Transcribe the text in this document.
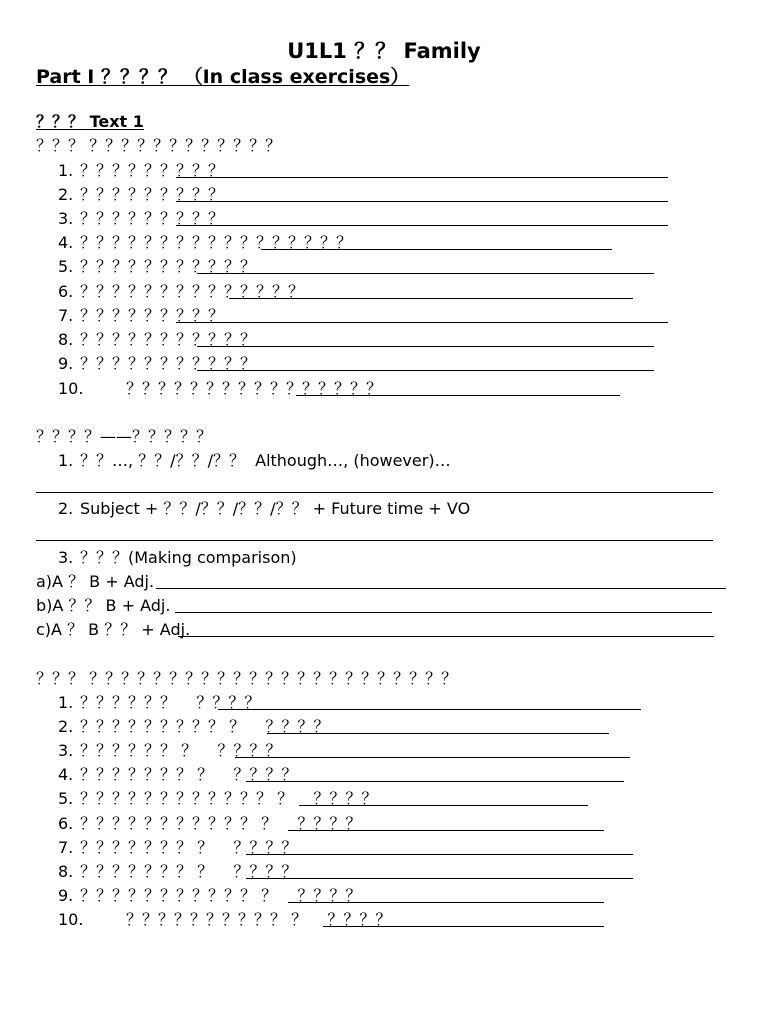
U1L1 ？？ Family
Part I ？？？？ （In class exercises）
？？？ Text 1
？？？ ？？？？？？？？？？？？
1. ？？？？？？？？？
2. ？？？？？？？？？
3. ？？？？？？？？？
4. ？？？？？？？？？？？？？？？？？
5. ？？？？？？？？？？？
6. ？？？？？？？？？？？？？？
7. ？？？？？？？？？
8. ？？？？？？？？？？？
9. ？？？？？？？？？？？
10.	？？？？？？？？？？？？？？？？
？？？？——？？？？？
1. ？？…, ？？/？？/？？  Although…, (however)…
2. Subject + ？？/？？/？？/？？ + Future time + VO
3. ？？？(Making comparison)
a)A ？ B + Adj.
b)A ？？ B + Adj.
c)A ？ B ？？ + Adj.
？？？ ？？？？？？？？？？？？？？？？？？？？？？？
1. ？？？？？？    ？？？？
2. ？？？？？？？？？ ？    ？？？？
3. ？？？？？？ ？    ？？？？
4. ？？？？？？？ ？    ？？？？
5. ？？？？？？？？？？？？ ？    ？？？？
6. ？？？？？？？？？？？ ？    ？？？？
7. ？？？？？？？ ？    ？？？？
8. ？？？？？？？ ？    ？？？？
9. ？？？？？？？？？？？ ？    ？？？？
10.	？？？？？？？？？？ ？    ？？？？
